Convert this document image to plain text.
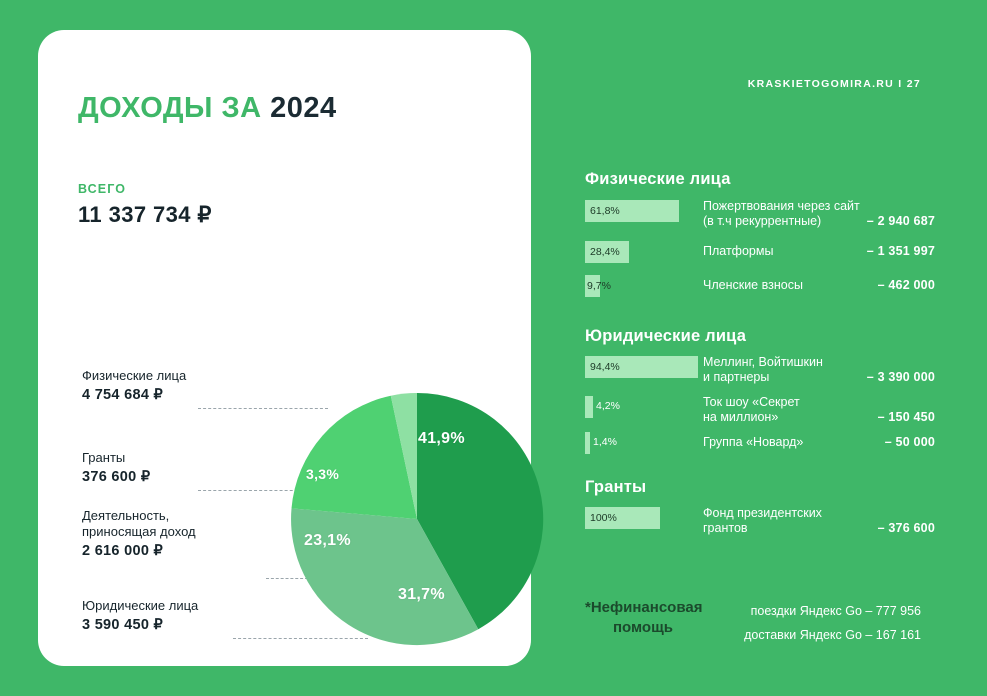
ДОХОДЫ ЗА 2024
ВСЕГО
11 337 734 ₽
Физические лица
4 754 684 ₽
Гранты
376 600 ₽
Деятельность,
приносящая доход
2 616 000 ₽
Юридические лица
3 590 450 ₽
41,9%
31,7%
23,1%
3,3%
KRASKIETOGOMIRA.RU I 27
Физические лица
61,8%	Пожертвования через сайт
(в т.ч рекуррентные)	– 2 940 687
28,4%	Платформы	– 1 351 997
9,7%	Членские взносы	– 462 000
Юридические лица
94,4%	Меллинг, Войтишкин
и партнеры	– 3 390 000
4,2%	Ток шоу «Секрет
на миллион»	– 150 450
1,4%	Группа «Новард»	– 50 000
Гранты
100%	Фонд президентских
грантов	– 376 600
*Нефинансовая
помощь
поездки Яндекс Go – 777 956
доставки Яндекс Go – 167 161
